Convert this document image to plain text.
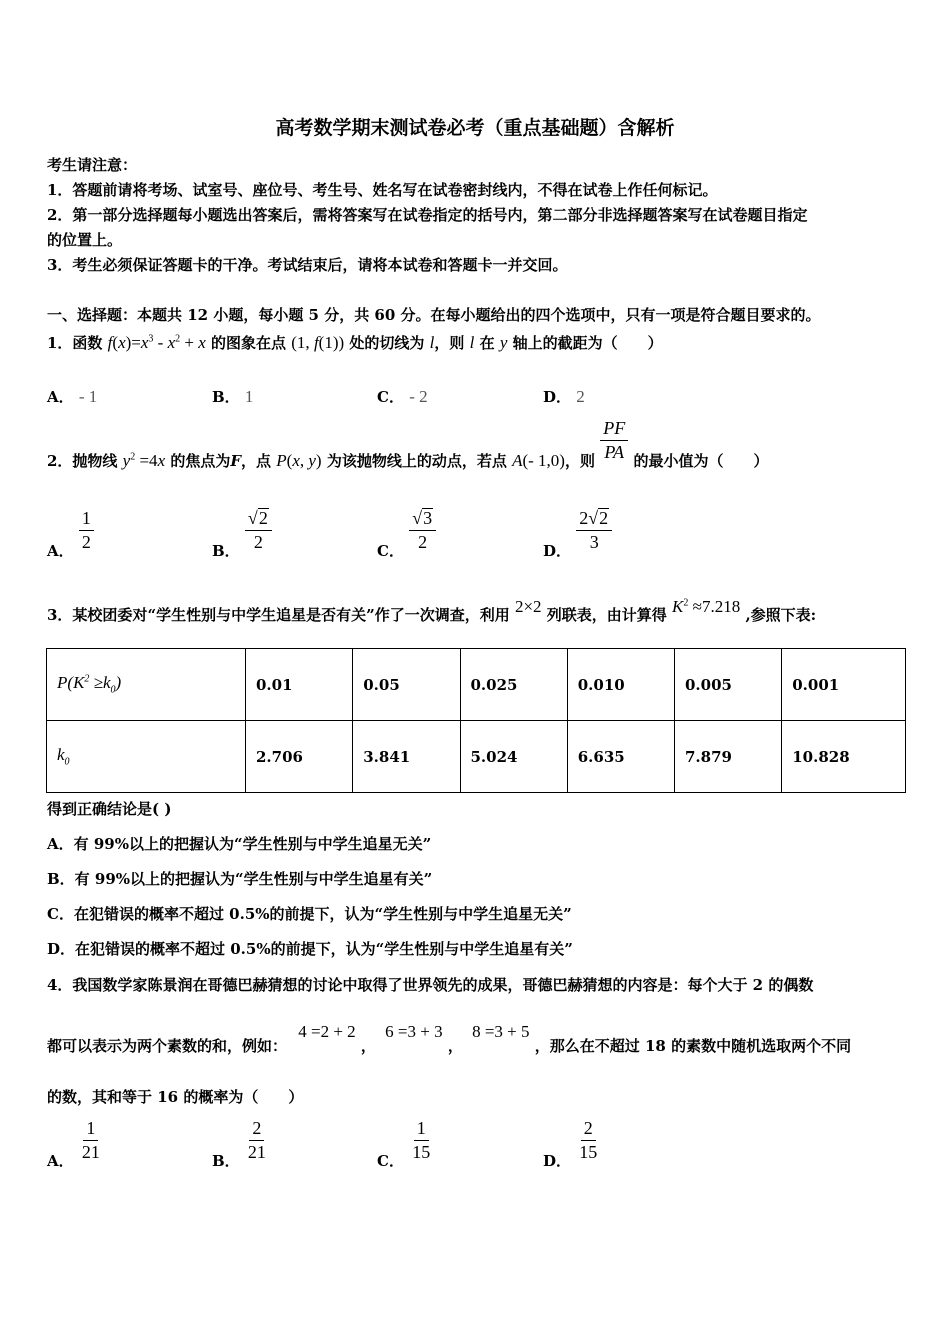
高考数学期末测试卷必考（重点基础题）含解析
考生请注意：
1．答题前请将考场、试室号、座位号、考生号、姓名写在试卷密封线内，不得在试卷上作任何标记。
2．第一部分选择题每小题选出答案后，需将答案写在试卷指定的括号内，第二部分非选择题答案写在试卷题目指定
的位置上。
3．考生必须保证答题卡的干净。考试结束后，请将本试卷和答题卡一并交回。
一、选择题：本题共 12 小题，每小题 5 分，共 60 分。在每小题给出的四个选项中，只有一项是符合题目要求的。
1．函数 $f(x)=x^3 - x^2 + x$ 的图象在点 (1, f(1)) 处的切线为 l，则 l 在 y 轴上的截距为（　　）
A． - 1	B． 1	C． - 2	D． 2
2．抛物线 $y^2 =4x$ 的焦点为F，点 P(x, y) 为该抛物线上的动点，若点 A(- 1,0)，则 $\frac{PF}{PA}$ 的最小值为（　　）
A． $\frac{1}{2}$	B． $\frac{√ 2}{2}$	C． $\frac{√ 3}{2}$	D． $\frac{2 √ 2}{3}$
3．某校团委对“学生性别与中学生追星是否有关”作了一次调查，利用 2×2 列联表，由计算得 $K^2 \approx 7.218$ ,参照下表:
$P(K^2 \ge k_0)$	0.01	0.05	0.025	0.010	0.005	0.001
$k_0$	2.706	3.841	5.024	6.635	7.879	10.828
得到正确结论是( )
A．有 99%以上的把握认为“学生性别与中学生追星无关”
B．有 99%以上的把握认为“学生性别与中学生追星有关”
C．在犯错误的概率不超过 0.5%的前提下，认为“学生性别与中学生追星无关”
D．在犯错误的概率不超过 0.5%的前提下，认为“学生性别与中学生追星有关”
4．我国数学家陈景润在哥德巴赫猜想的讨论中取得了世界领先的成果，哥德巴赫猜想的内容是：每个大于 2 的偶数
都可以表示为两个素数的和，例如： 4 =2 + 2 ， 6 =3 + 3 ， 8 =3 + 5 ，那么在不超过 18 的素数中随机选取两个不同
的数，其和等于 16 的概率为（　　）
A． $\frac{1}{21}$	B． $\frac{2}{21}$	C． $\frac{1}{15}$	D． $\frac{2}{15}$
